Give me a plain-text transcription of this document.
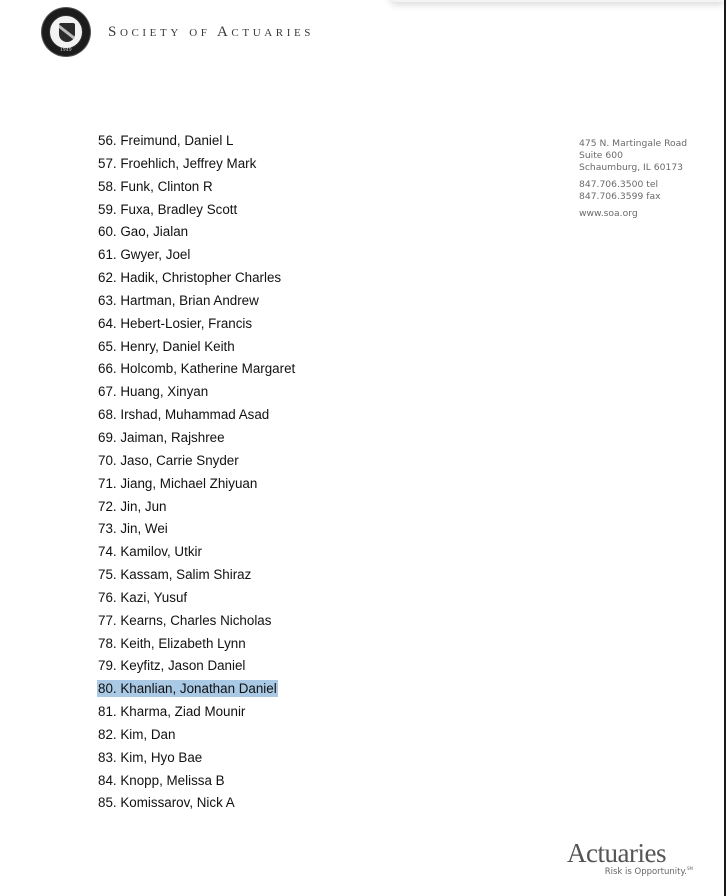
1949
Society of Actuaries
475 N. Martingale Road
Suite 600
Schaumburg, IL 60173
847.706.3500 tel
847.706.3599 fax
www.soa.org
56. Freimund, Daniel L
57. Froehlich, Jeffrey Mark
58. Funk, Clinton R
59. Fuxa, Bradley Scott
60. Gao, Jialan
61. Gwyer, Joel
62. Hadik, Christopher Charles
63. Hartman, Brian Andrew
64. Hebert-Losier, Francis
65. Henry, Daniel Keith
66. Holcomb, Katherine Margaret
67. Huang, Xinyan
68. Irshad, Muhammad Asad
69. Jaiman, Rajshree
70. Jaso, Carrie Snyder
71. Jiang, Michael Zhiyuan
72. Jin, Jun
73. Jin, Wei
74. Kamilov, Utkir
75. Kassam, Salim Shiraz
76. Kazi, Yusuf
77. Kearns, Charles Nicholas
78. Keith, Elizabeth Lynn
79. Keyfitz, Jason Daniel
80. Khanlian, Jonathan Daniel
81. Kharma, Ziad Mounir
82. Kim, Dan
83. Kim, Hyo Bae
84. Knopp, Melissa B
85. Komissarov, Nick A
Actuaries
Risk is Opportunity.℠
